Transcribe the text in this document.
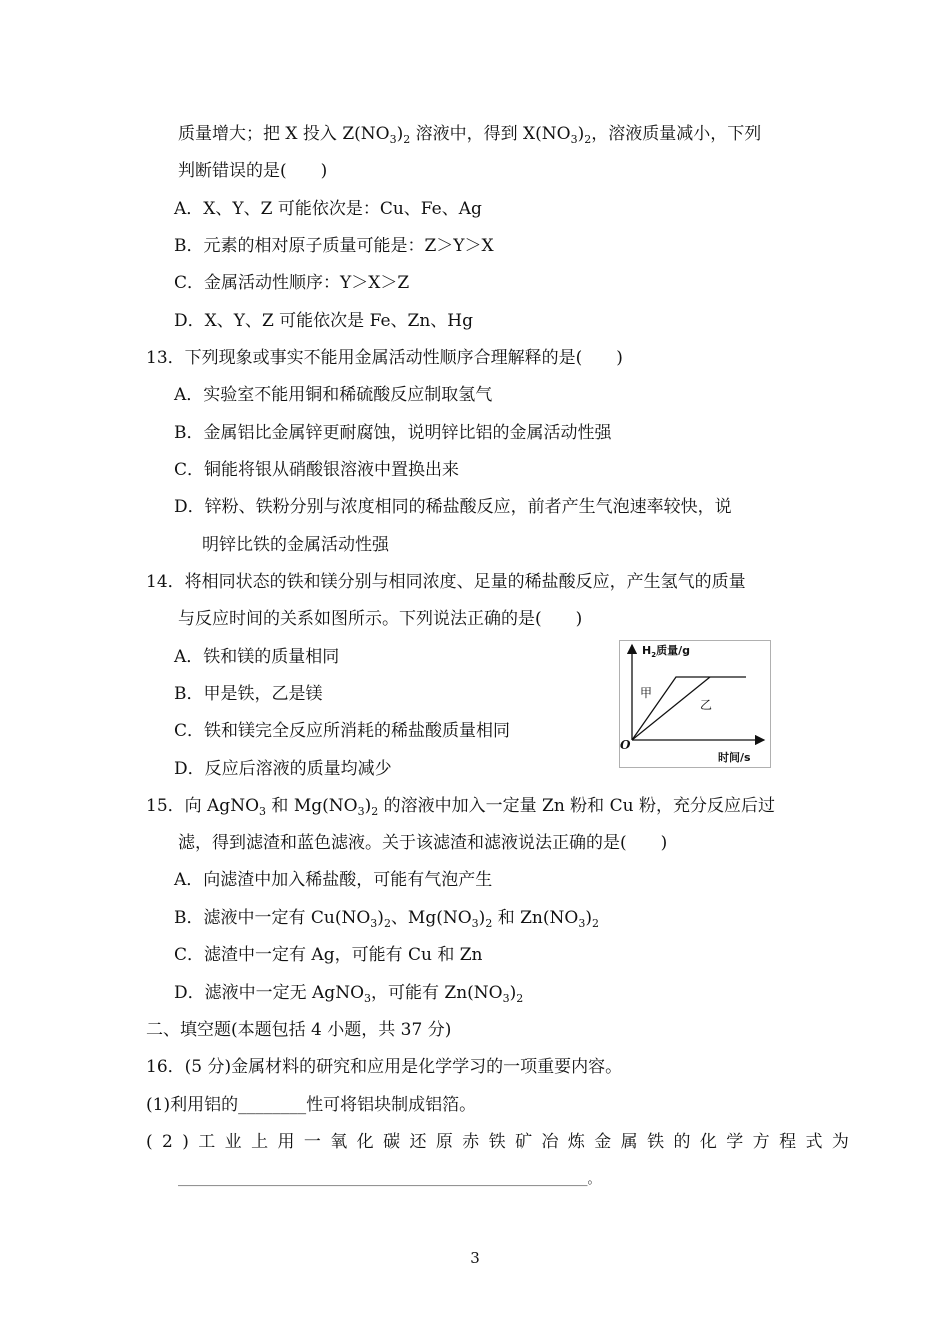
质量增大；把 X 投入 $Z(NO_3)_2$ 溶液中，得到 $X(NO_3)_2$，溶液质量减小，下列
判断错误的是(　　)
A．X、Y、Z 可能依次是：Cu、Fe、Ag
B．元素的相对原子质量可能是：Z＞Y＞X
C．金属活动性顺序：Y＞X＞Z
D．X、Y、Z 可能依次是 Fe、Zn、Hg
13．下列现象或事实不能用金属活动性顺序合理解释的是(　　)
A．实验室不能用铜和稀硫酸反应制取氢气
B．金属铝比金属锌更耐腐蚀，说明锌比铝的金属活动性强
C．铜能将银从硝酸银溶液中置换出来
D．锌粉、铁粉分别与浓度相同的稀盐酸反应，前者产生气泡速率较快，说
明锌比铁的金属活动性强
14．将相同状态的铁和镁分别与相同浓度、足量的稀盐酸反应，产生氢气的质量
与反应时间的关系如图所示。下列说法正确的是(　　)
A．铁和镁的质量相同
B．甲是铁，乙是镁
C．铁和镁完全反应所消耗的稀盐酸质量相同
D．反应后溶液的质量均减少
$H_2$质量/g
甲
乙
O
时间/s
15．向 AgNO$_3$ 和 $Mg(NO_3)_2$ 的溶液中加入一定量 Zn 粉和 Cu 粉，充分反应后过
滤，得到滤渣和蓝色滤液。关于该滤渣和滤液说法正确的是(　　)
A．向滤渣中加入稀盐酸，可能有气泡产生
B．滤液中一定有 $Cu(NO_3)_2$、$Mg(NO_3)_2$ 和 $Zn(NO_3)_2$
C．滤渣中一定有 Ag，可能有 Cu 和 Zn
D．滤液中一定无 AgNO$_3$，可能有 $Zn(NO_3)_2$
二、填空题(本题包括 4 小题，共 37 分)
16．(5 分)金属材料的研究和应用是化学学习的一项重要内容。
(1)利用铝的________性可将铝块制成铝箔。
(2)工业上用一氧化碳还原赤铁矿冶炼金属铁的化学方程式为
_______________________________________________________________。
3
